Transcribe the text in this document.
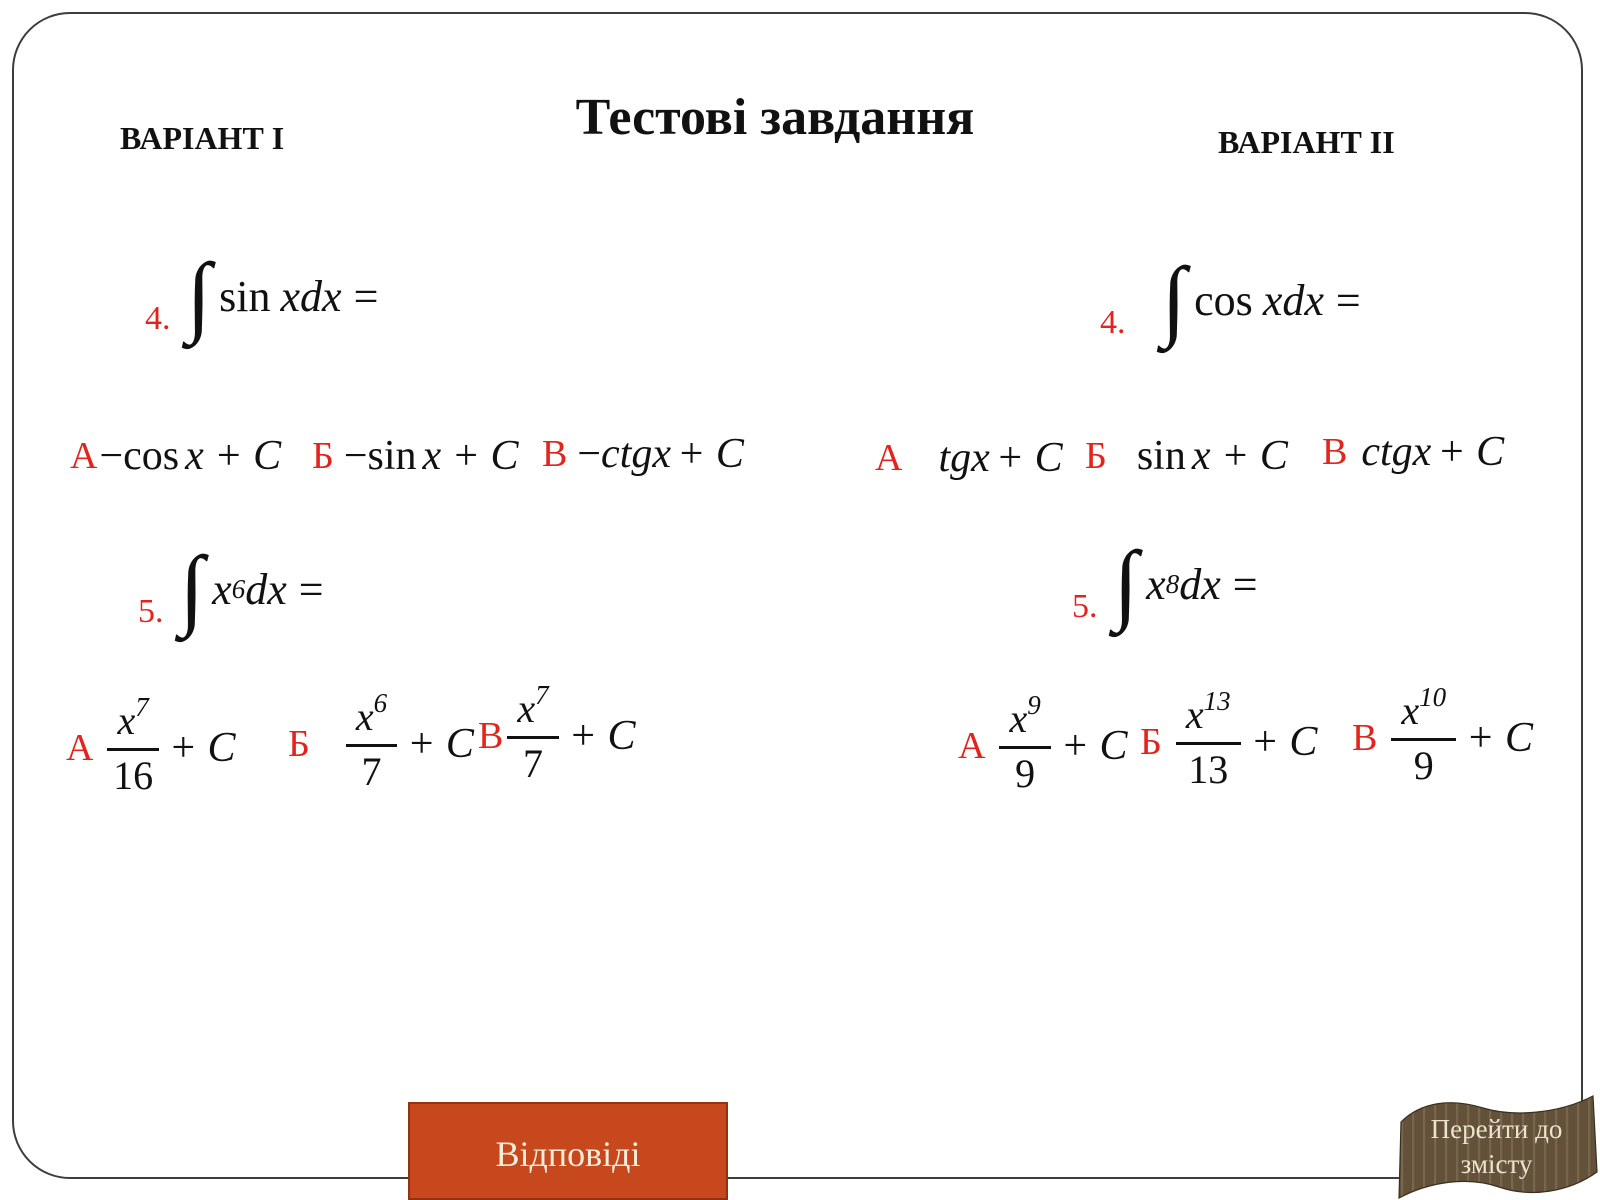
Тестові завдання
ВАРІАНТ I	ВАРІАНТ II
4. ∫ sin xdx =
А − cos x + C Б − sin x + C В − ctgx + C
5. ∫ x 6 dx =
А $\frac{x^7}{16} + C$ Б $\frac{x^6}{7} + C$ В $\frac{x^7}{7} + C$
4. ∫ cos xdx =
А tgx + C Б sin x + C В ctgx + C
5. ∫ x 8 dx =
А $\frac{x^9}{9} + C$ Б $\frac{x^{13}}{13} + C$ В $\frac{x^{10}}{9} + C$
Відповіді
Перейти до
змісту
